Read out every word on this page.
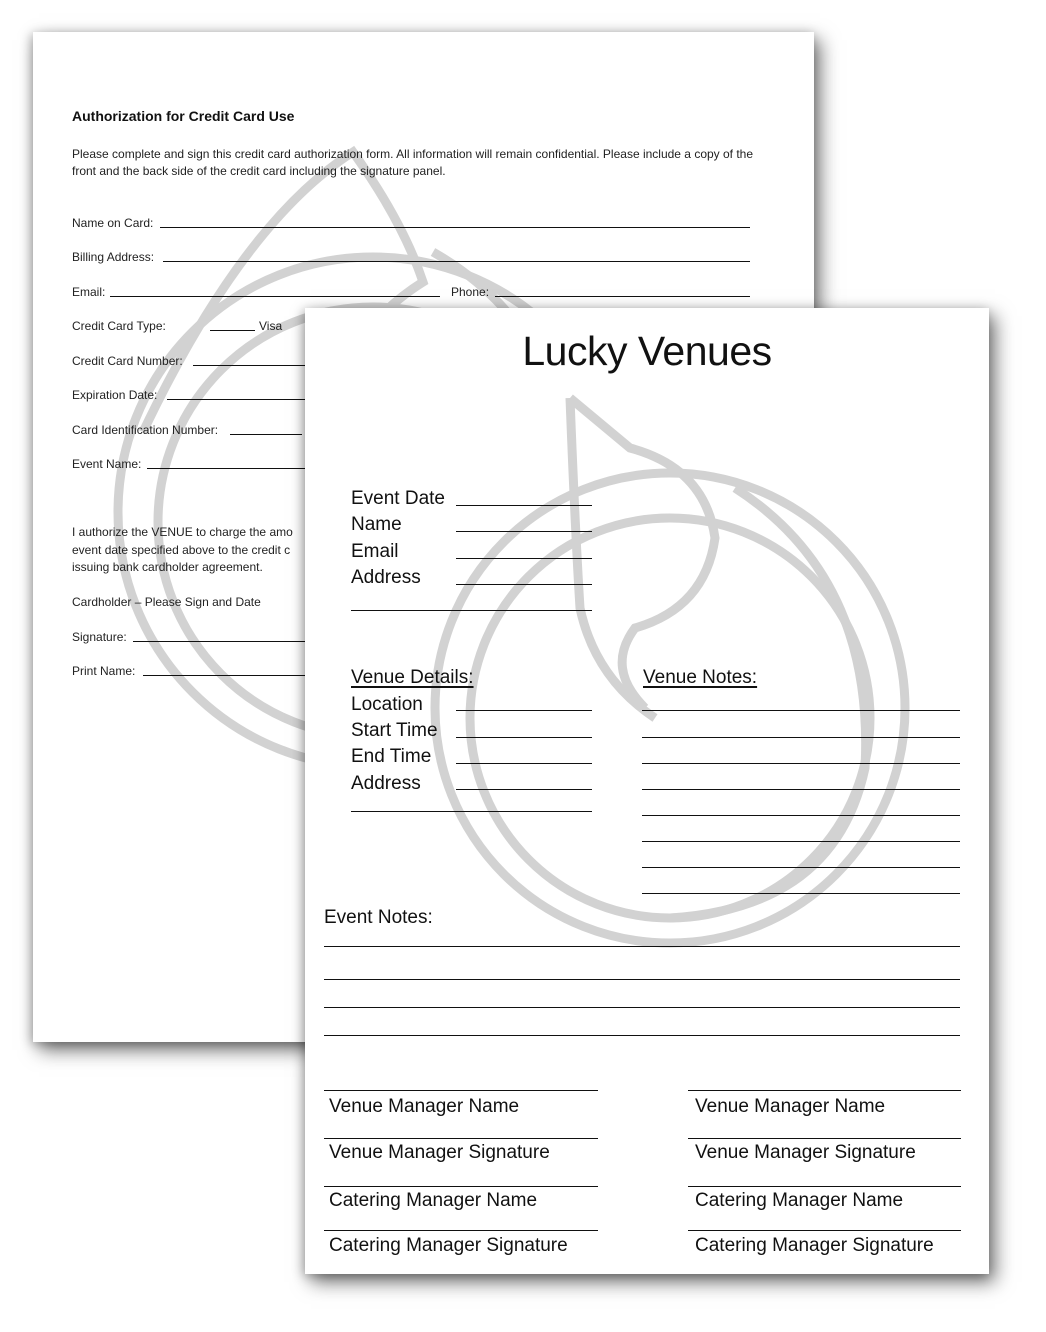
Authorization for Credit Card Use
Please complete and sign this credit card authorization form. All information will remain confidential. Please include a copy of the front and the back side of the credit card including the signature panel.
Name on Card:
Billing Address:
Email:	Phone:
Credit Card Type:	Visa
Credit Card Number:
Expiration Date:
Card Identification Number:
Event Name:
I authorize the VENUE to charge the amo
event date specified above to the credit c
issuing bank cardholder agreement.
Cardholder – Please Sign and Date
Signature:
Print Name:
Lucky Venues
Event Date
Name
Email
Address
Venue Details:
Location
Start Time
End Time
Address
Venue Notes:
Event Notes:
Venue Manager Name
Venue Manager Signature
Catering Manager Name
Catering Manager Signature
Venue Manager Name
Venue Manager Signature
Catering Manager Name
Catering Manager Signature
